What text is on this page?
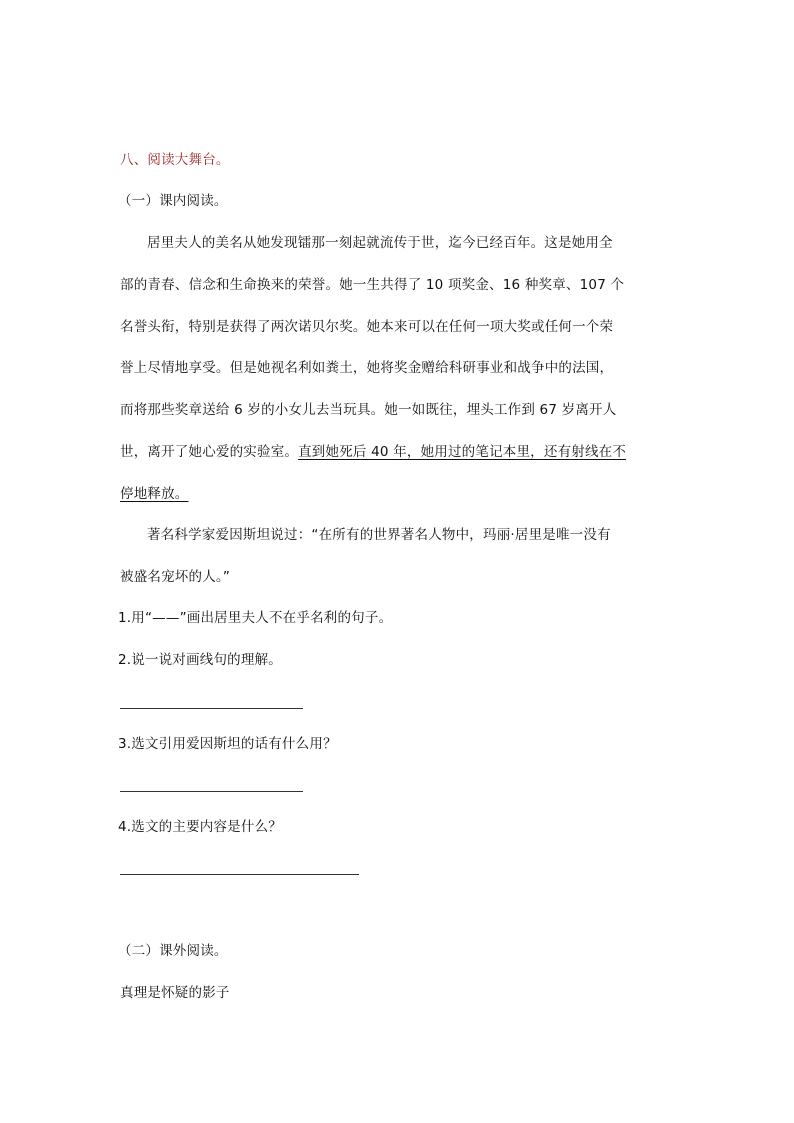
八、阅读大舞台。
（一）课内阅读。
居里夫人的美名从她发现镭那一刻起就流传于世，迄今已经百年。这是她用全
部的青春、信念和生命换来的荣誉。她一生共得了 10 项奖金、16 种奖章、107 个
名誉头衔，特别是获得了两次诺贝尔奖。她本来可以在任何一项大奖或任何一个荣
誉上尽情地享受。但是她视名利如粪土，她将奖金赠给科研事业和战争中的法国，
而将那些奖章送给 6 岁的小女儿去当玩具。她一如既往，埋头工作到 67 岁离开人
世，离开了她心爱的实验室。直到她死后 40 年，她用过的笔记本里，还有射线在不
停地释放。
著名科学家爱因斯坦说过：“在所有的世界著名人物中，玛丽·居里是唯一没有
被盛名宠坏的人。”
1.用“——”画出居里夫人不在乎名利的句子。
2.说一说对画线句的理解。
3.选文引用爱因斯坦的话有什么用？
4.选文的主要内容是什么？
（二）课外阅读。
真理是怀疑的影子
